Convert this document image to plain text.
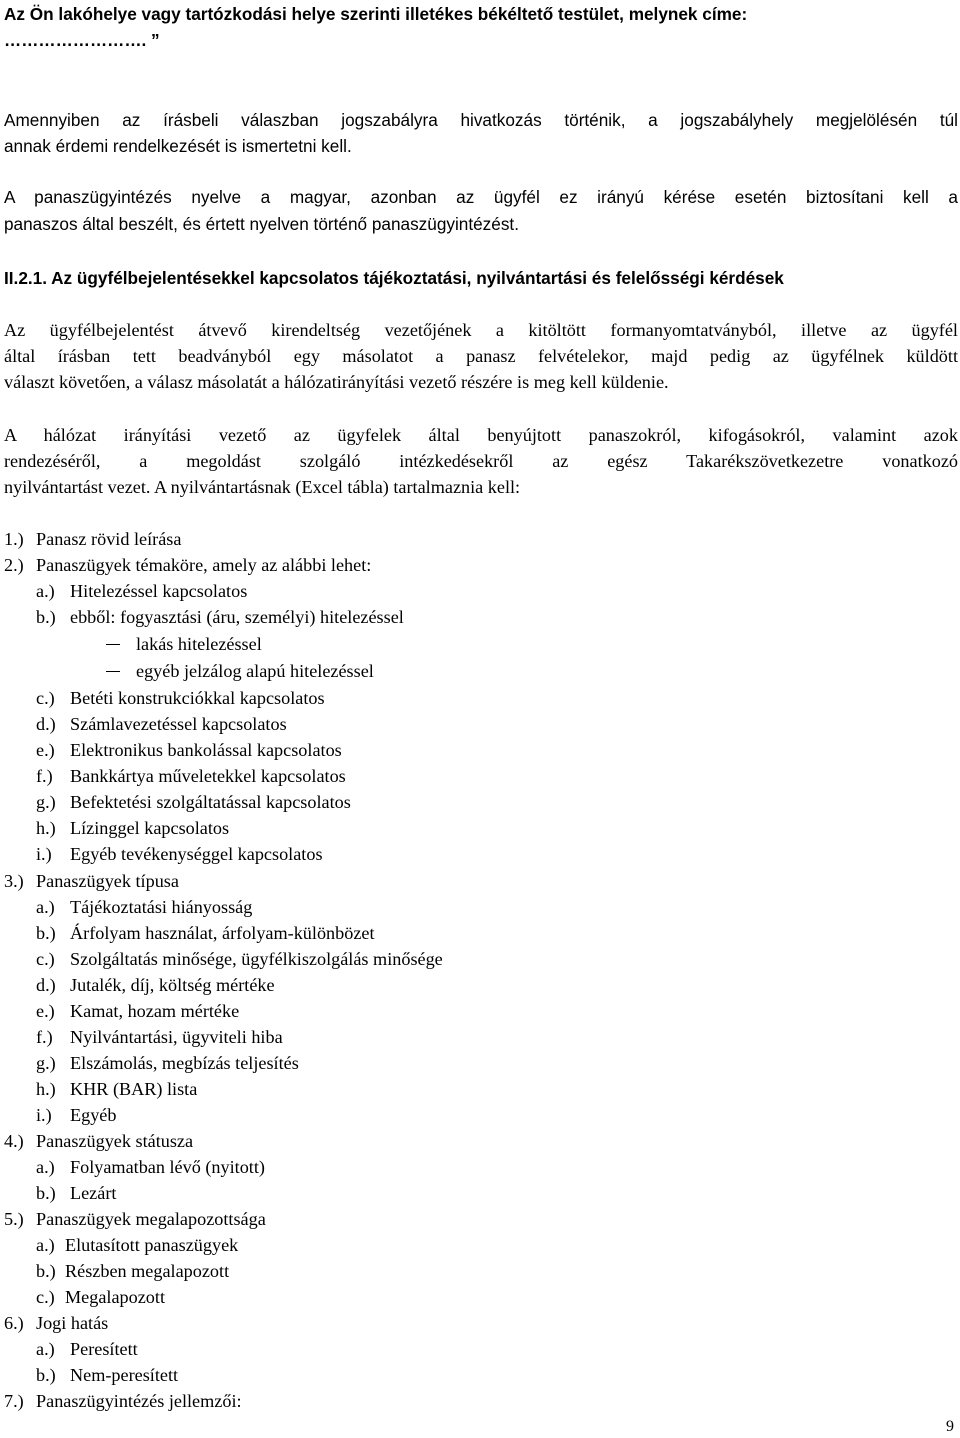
Az Ön lakóhelye vagy tartózkodási helye szerinti illetékes békéltető testület, melynek címe:
……………………. ”
Amennyiben az írásbeli válaszban jogszabályra hivatkozás történik, a jogszabályhely megjelölésén túl
annak érdemi rendelkezését is ismertetni kell.
A panaszügyintézés nyelve a magyar, azonban az ügyfél ez irányú kérése esetén biztosítani kell a
panaszos által beszélt, és értett nyelven történő panaszügyintézést.
II.2.1. Az ügyfélbejelentésekkel kapcsolatos tájékoztatási, nyilvántartási és felelősségi kérdések
Az ügyfélbejelentést átvevő kirendeltség vezetőjének a kitöltött formanyomtatványból, illetve az ügyfél
által írásban tett beadványból egy másolatot a panasz felvételekor, majd pedig az ügyfélnek küldött
választ követően, a válasz másolatát a hálózatirányítási vezető részére is meg kell küldenie.
A hálózat irányítási vezető az ügyfelek által benyújtott panaszokról, kifogásokról, valamint azok
rendezéséről, a megoldást szolgáló intézkedésekről az egész Takarékszövetkezetre vonatkozó
nyilvántartást vezet. A nyilvántartásnak (Excel tábla) tartalmaznia kell:
1.) Panasz rövid leírása
2.) Panaszügyek témaköre, amely az alábbi lehet:
a.) Hitelezéssel kapcsolatos
b.) ebből: fogyasztási (áru, személyi) hitelezéssel
lakás hitelezéssel
egyéb jelzálog alapú hitelezéssel
c.) Betéti konstrukciókkal kapcsolatos
d.) Számlavezetéssel kapcsolatos
e.) Elektronikus bankolással kapcsolatos
f.) Bankkártya műveletekkel kapcsolatos
g.) Befektetési szolgáltatással kapcsolatos
h.) Lízinggel kapcsolatos
i.) Egyéb tevékenységgel kapcsolatos
3.) Panaszügyek típusa
a.) Tájékoztatási hiányosság
b.) Árfolyam használat, árfolyam-különbözet
c.) Szolgáltatás minősége, ügyfélkiszolgálás minősége
d.) Jutalék, díj, költség mértéke
e.) Kamat, hozam mértéke
f.) Nyilvántartási, ügyviteli hiba
g.) Elszámolás, megbízás teljesítés
h.) KHR (BAR) lista
i.) Egyéb
4.) Panaszügyek státusza
a.) Folyamatban lévő (nyitott)
b.) Lezárt
5.) Panaszügyek megalapozottsága
a.) Elutasított panaszügyek
b.) Részben megalapozott
c.) Megalapozott
6.) Jogi hatás
a.) Peresített
b.) Nem-peresített
7.) Panaszügyintézés jellemzői:
9
